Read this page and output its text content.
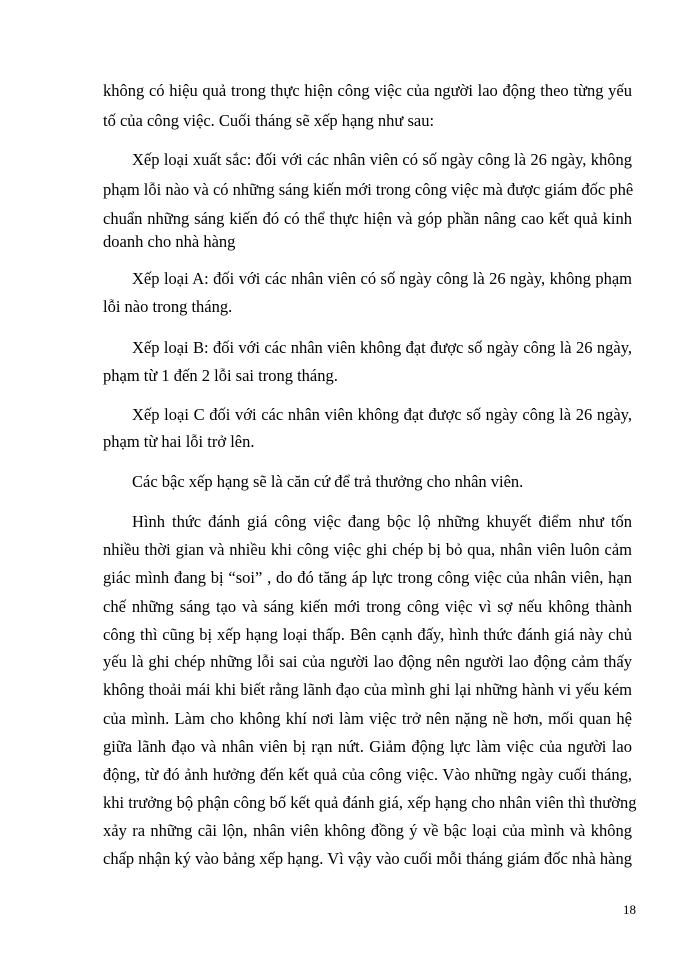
không có hiệu quả trong thực hiện công việc của người lao động theo từng yếu
tố của công việc. Cuối tháng sẽ xếp hạng như sau:
Xếp loại xuất sắc: đối với các nhân viên có số ngày công là 26 ngày, không
phạm lỗi nào và có những sáng kiến mới trong công việc mà được giám đốc phê
chuẩn những sáng kiến đó có thể thực hiện và góp phần nâng cao kết quả kinh
doanh cho nhà hàng
Xếp loại A: đối với các nhân viên có số ngày công là 26 ngày, không phạm
lỗi nào trong tháng.
Xếp loại B: đối với các nhân viên không đạt được số ngày công là 26 ngày,
phạm từ 1 đến 2 lỗi sai trong tháng.
Xếp loại C đối với các nhân viên không đạt được số ngày công là 26 ngày,
phạm từ hai lỗi trở lên.
Các bậc xếp hạng sẽ là căn cứ để trả thưởng cho nhân viên.
Hình thức đánh giá công việc đang bộc lộ những khuyết điểm như tốn
nhiều thời gian và nhiều khi công việc ghi chép bị bỏ qua, nhân viên luôn cảm
giác mình đang bị “soi” , do đó tăng áp lực trong công việc của nhân viên, hạn
chế những sáng tạo và sáng kiến mới trong công việc vì sợ nếu không thành
công thì cũng bị xếp hạng loại thấp. Bên cạnh đấy, hình thức đánh giá này chủ
yếu là ghi chép những lỗi sai của người lao động nên người lao động cảm thấy
không thoải mái khi biết rằng lãnh đạo của mình ghi lại những hành vi yếu kém
của mình. Làm cho không khí nơi làm việc trở nên nặng nề hơn, mối quan hệ
giữa lãnh đạo và nhân viên bị rạn nứt. Giảm động lực làm việc của người lao
động, từ đó ảnh hưởng đến kết quả của công việc. Vào những ngày cuối tháng,
khi trưởng bộ phận công bố kết quả đánh giá, xếp hạng cho nhân viên thì thường
xảy ra những cãi lộn, nhân viên không đồng ý về bậc loại của mình và không
chấp nhận ký vào bảng xếp hạng. Vì vậy vào cuối mỗi tháng giám đốc nhà hàng
18
